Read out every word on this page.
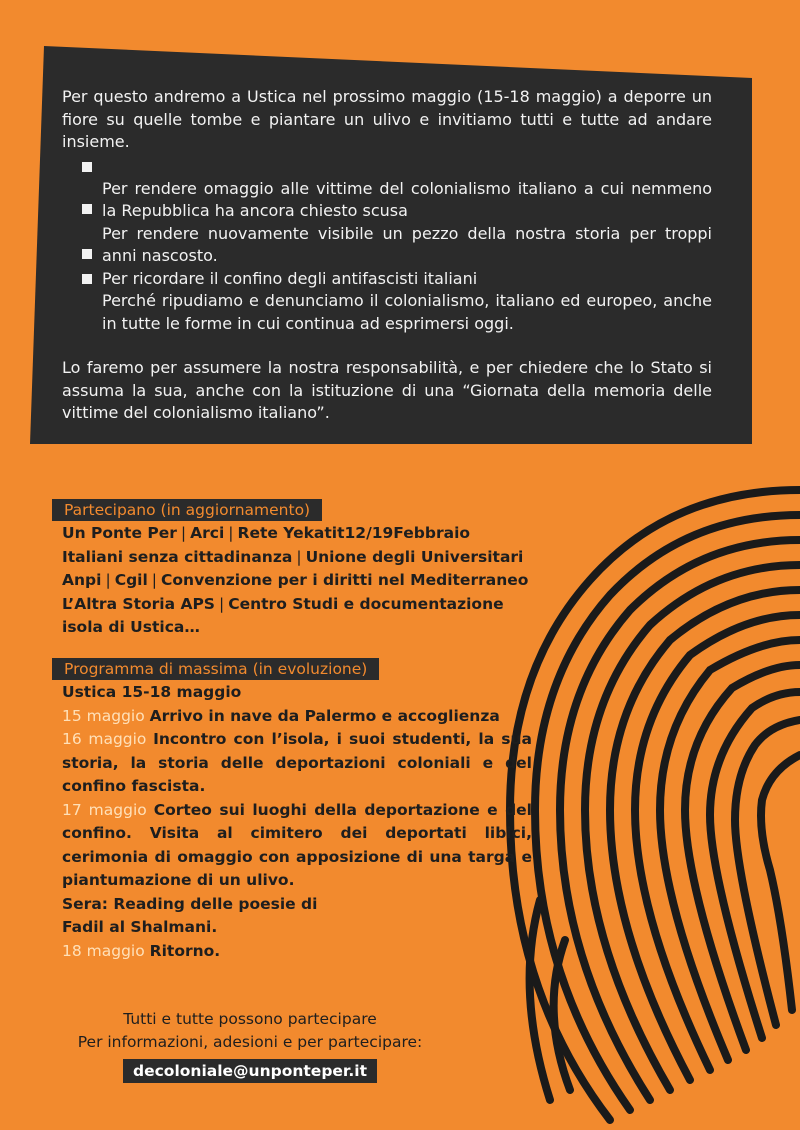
Per questo andremo a Ustica nel prossimo maggio (15-18 maggio) a deporre un fiore su quelle tombe e piantare un ulivo e invitiamo tutti e tutte ad andare insieme.

Per rendere omaggio alle vittime del colonialismo italiano a cui nemmeno la Repubblica ha ancora chiesto scusa
Per rendere nuovamente visibile un pezzo della nostra storia per troppi anni nascosto.
Per ricordare il confino degli antifascisti italiani
Perché ripudiamo e denunciamo il colonialismo, italiano ed europeo, anche in tutte le forme in cui continua ad esprimersi oggi.

Lo faremo per assumere la nostra responsabilità, e per chiedere che lo Stato si assuma la sua, anche con la istituzione di una “Giornata della memoria delle vittime del colonialismo italiano”.

Partecipano (in aggiornamento)
Un Ponte Per | Arci | Rete Yekatit12/19Febbraio
Italiani senza cittadinanza | Unione degli Universitari
Anpi | Cgil | Convenzione per i diritti nel Mediterraneo
L’Altra Storia APS | Centro Studi e documentazione
isola di Ustica…
Programma di massima (in evoluzione)

Ustica 15-18 maggio

15 maggio Arrivo in nave da Palermo e accoglienza

16 maggio Incontro con l’isola, i suoi studenti, la sua storia, la storia delle deportazioni coloniali e del confino fascista.

17 maggio Corteo sui luoghi della deportazione e del confino. Visita al cimitero dei deportati libici, cerimonia di omaggio con apposizione di una targa e piantumazione di un ulivo.

Sera: Reading delle poesie di

Fadil al Shalmani.

18 maggio Ritorno.

Tutti e tutte possono partecipare
Per informazioni, adesioni e per partecipare:
decoloniale@unponteper.it
